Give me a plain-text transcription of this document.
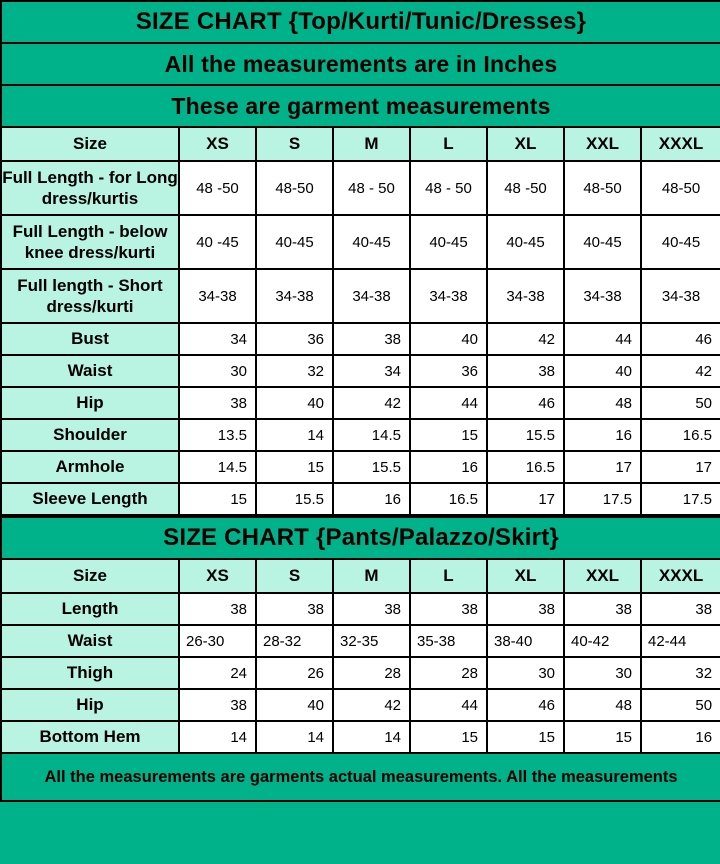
SIZE CHART {Top/Kurti/Tunic/Dresses}							
All the measurements are in Inches							
These are garment measurements							
Size	XS	S	M	L	XL	XXL	XXXL
Full Length - for Long dress/kurtis	48 -50	48-50	48 - 50	48 - 50	48 -50	48-50	48-50
Full Length - below knee dress/kurti	40 -45	40-45	40-45	40-45	40-45	40-45	40-45
Full length - Short dress/kurti	34-38	34-38	34-38	34-38	34-38	34-38	34-38
Bust	34	36	38	40	42	44	46
Waist	30	32	34	36	38	40	42
Hip	38	40	42	44	46	48	50
Shoulder	13.5	14	14.5	15	15.5	16	16.5
Armhole	14.5	15	15.5	16	16.5	17	17
Sleeve Length	15	15.5	16	16.5	17	17.5	17.5
SIZE CHART {Pants/Palazzo/Skirt}							
Size	XS	S	M	L	XL	XXL	XXXL
Length	38	38	38	38	38	38	38
Waist	26-30	28-32	32-35	35-38	38-40	40-42	42-44
Thigh	24	26	28	28	30	30	32
Hip	38	40	42	44	46	48	50
Bottom Hem	14	14	14	15	15	15	16
All the measurements are garments actual measurements. All the measurements							
